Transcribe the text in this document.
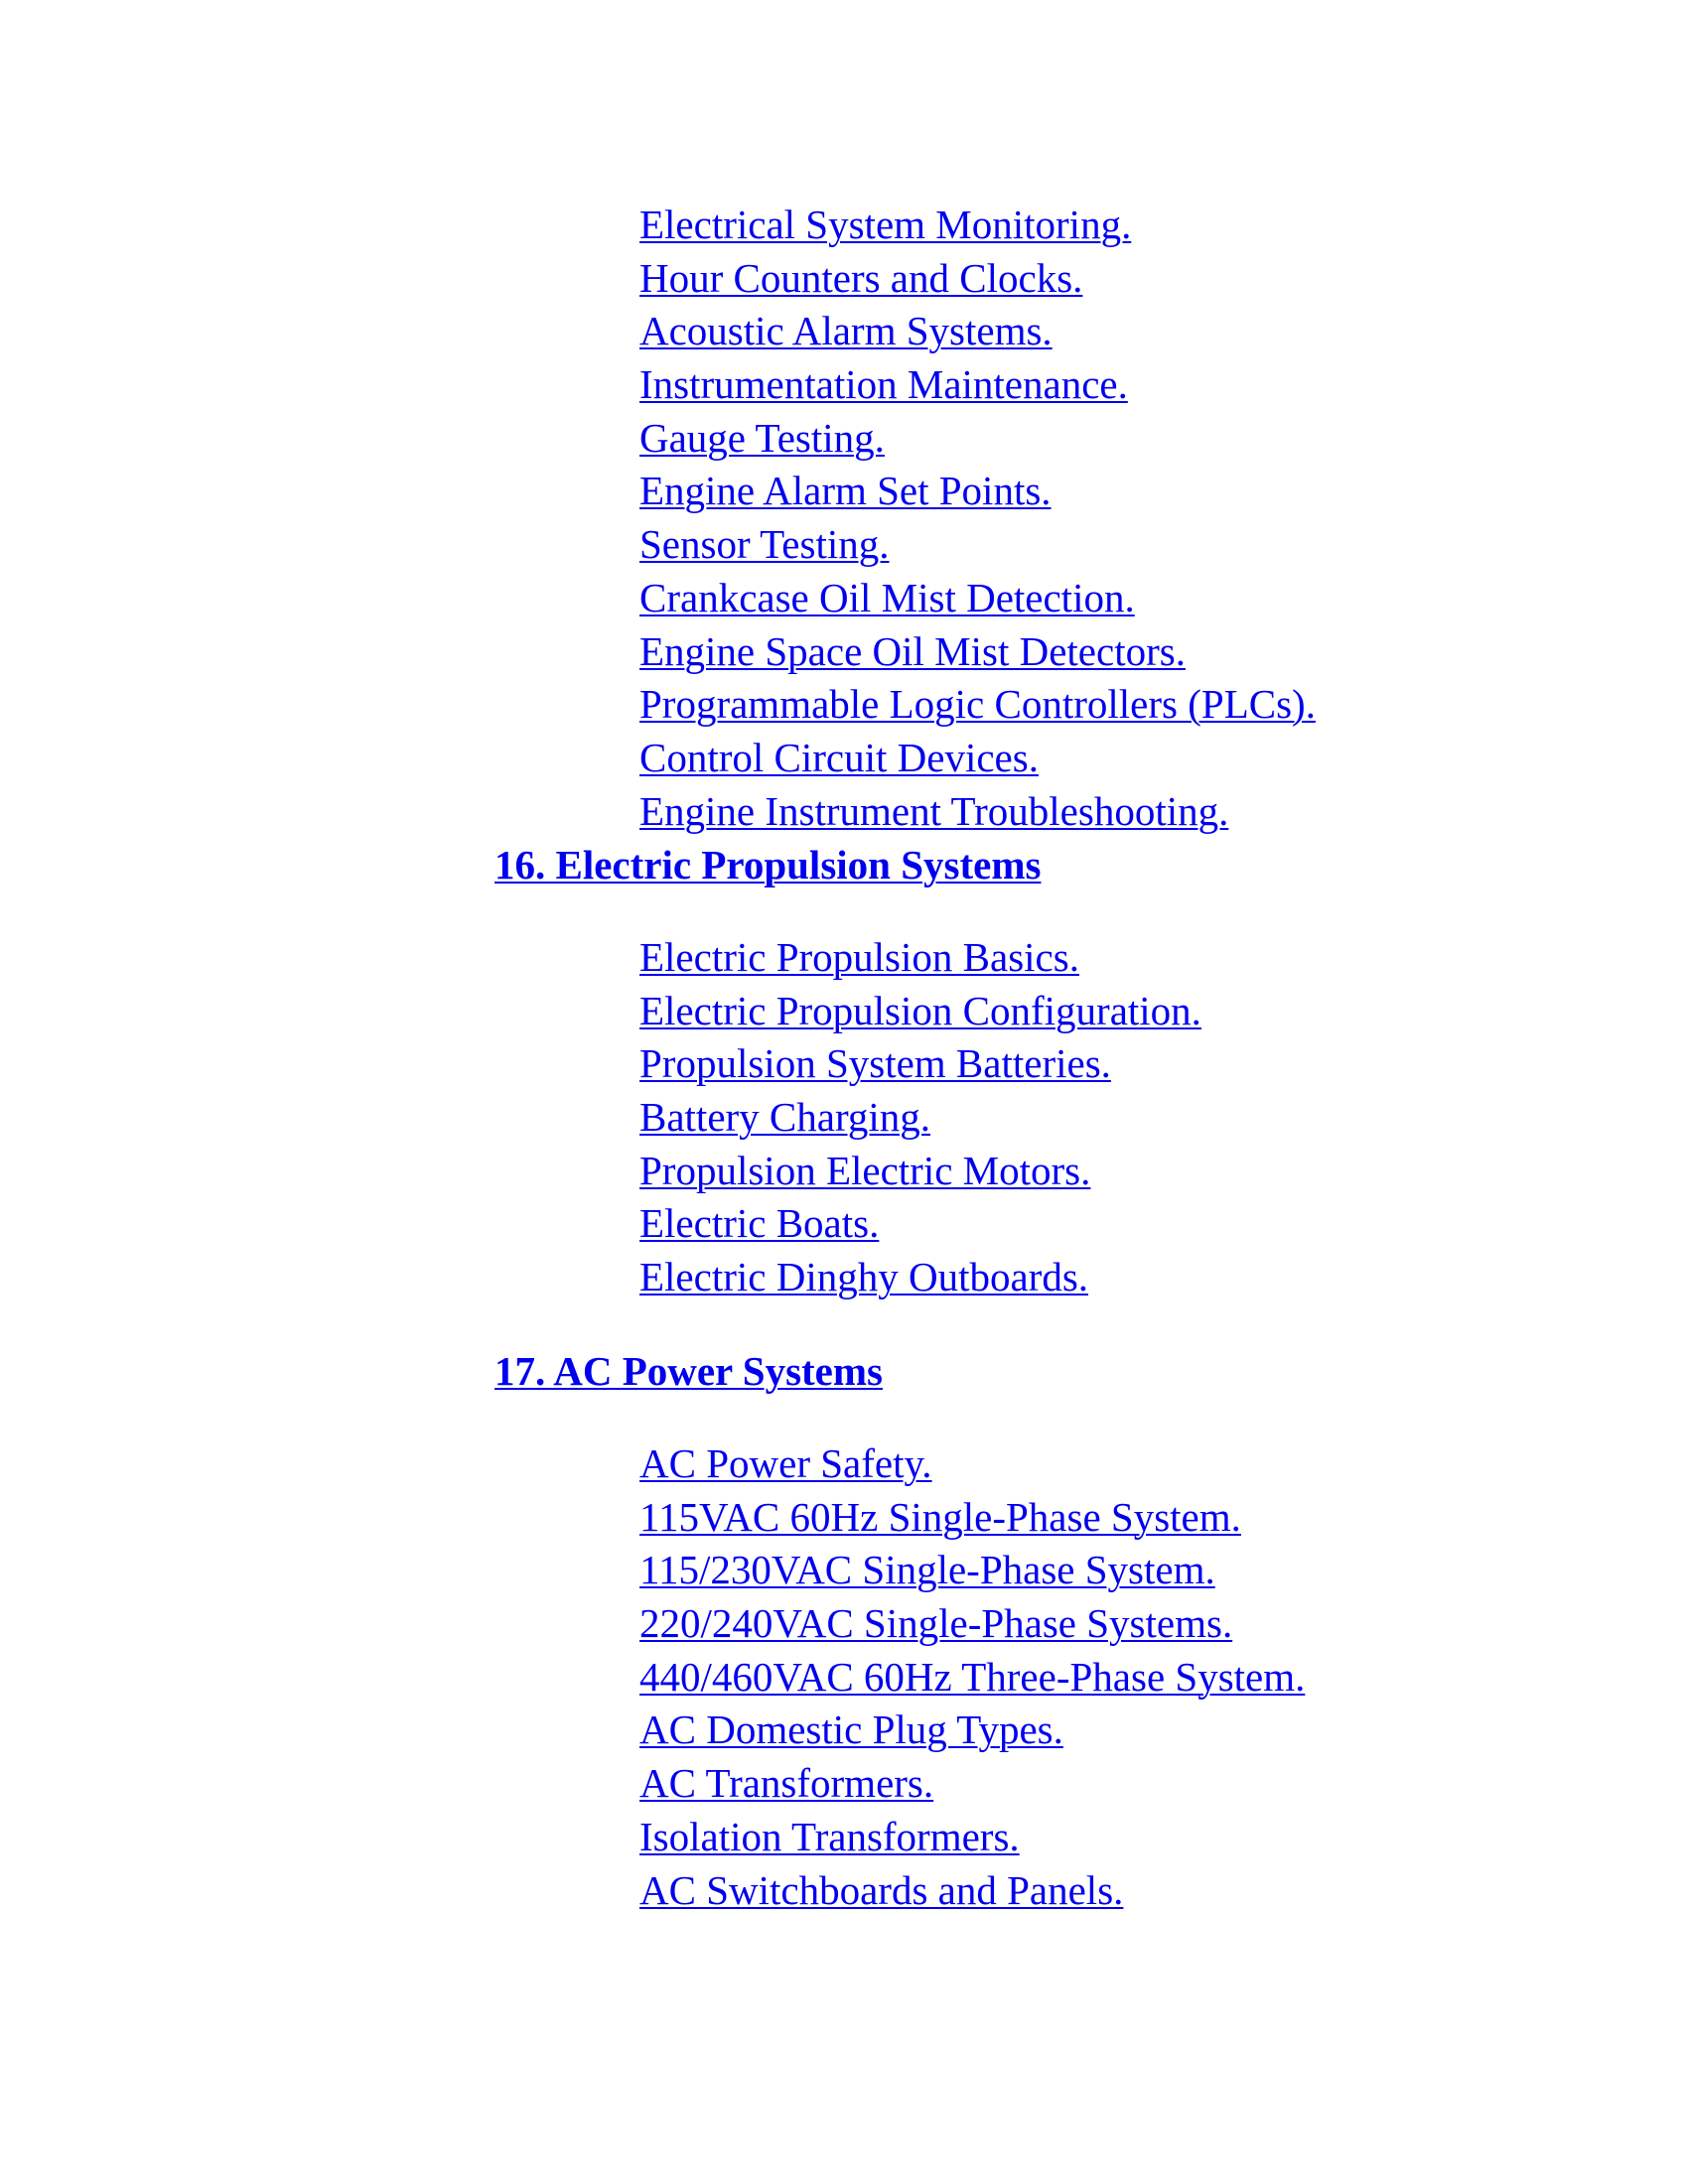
Electrical System Monitoring.
Hour Counters and Clocks.
Acoustic Alarm Systems.
Instrumentation Maintenance.
Gauge Testing.
Engine Alarm Set Points.
Sensor Testing.
Crankcase Oil Mist Detection.
Engine Space Oil Mist Detectors.
Programmable Logic Controllers (PLCs).
Control Circuit Devices.
Engine Instrument Troubleshooting.
16. Electric Propulsion Systems
Electric Propulsion Basics.
Electric Propulsion Configuration.
Propulsion System Batteries.
Battery Charging.
Propulsion Electric Motors.
Electric Boats.
Electric Dinghy Outboards.
17. AC Power Systems
AC Power Safety.
115VAC 60Hz Single-Phase System.
115/230VAC Single-Phase System.
220/240VAC Single-Phase Systems.
440/460VAC 60Hz Three-Phase System.
AC Domestic Plug Types.
AC Transformers.
Isolation Transformers.
AC Switchboards and Panels.
